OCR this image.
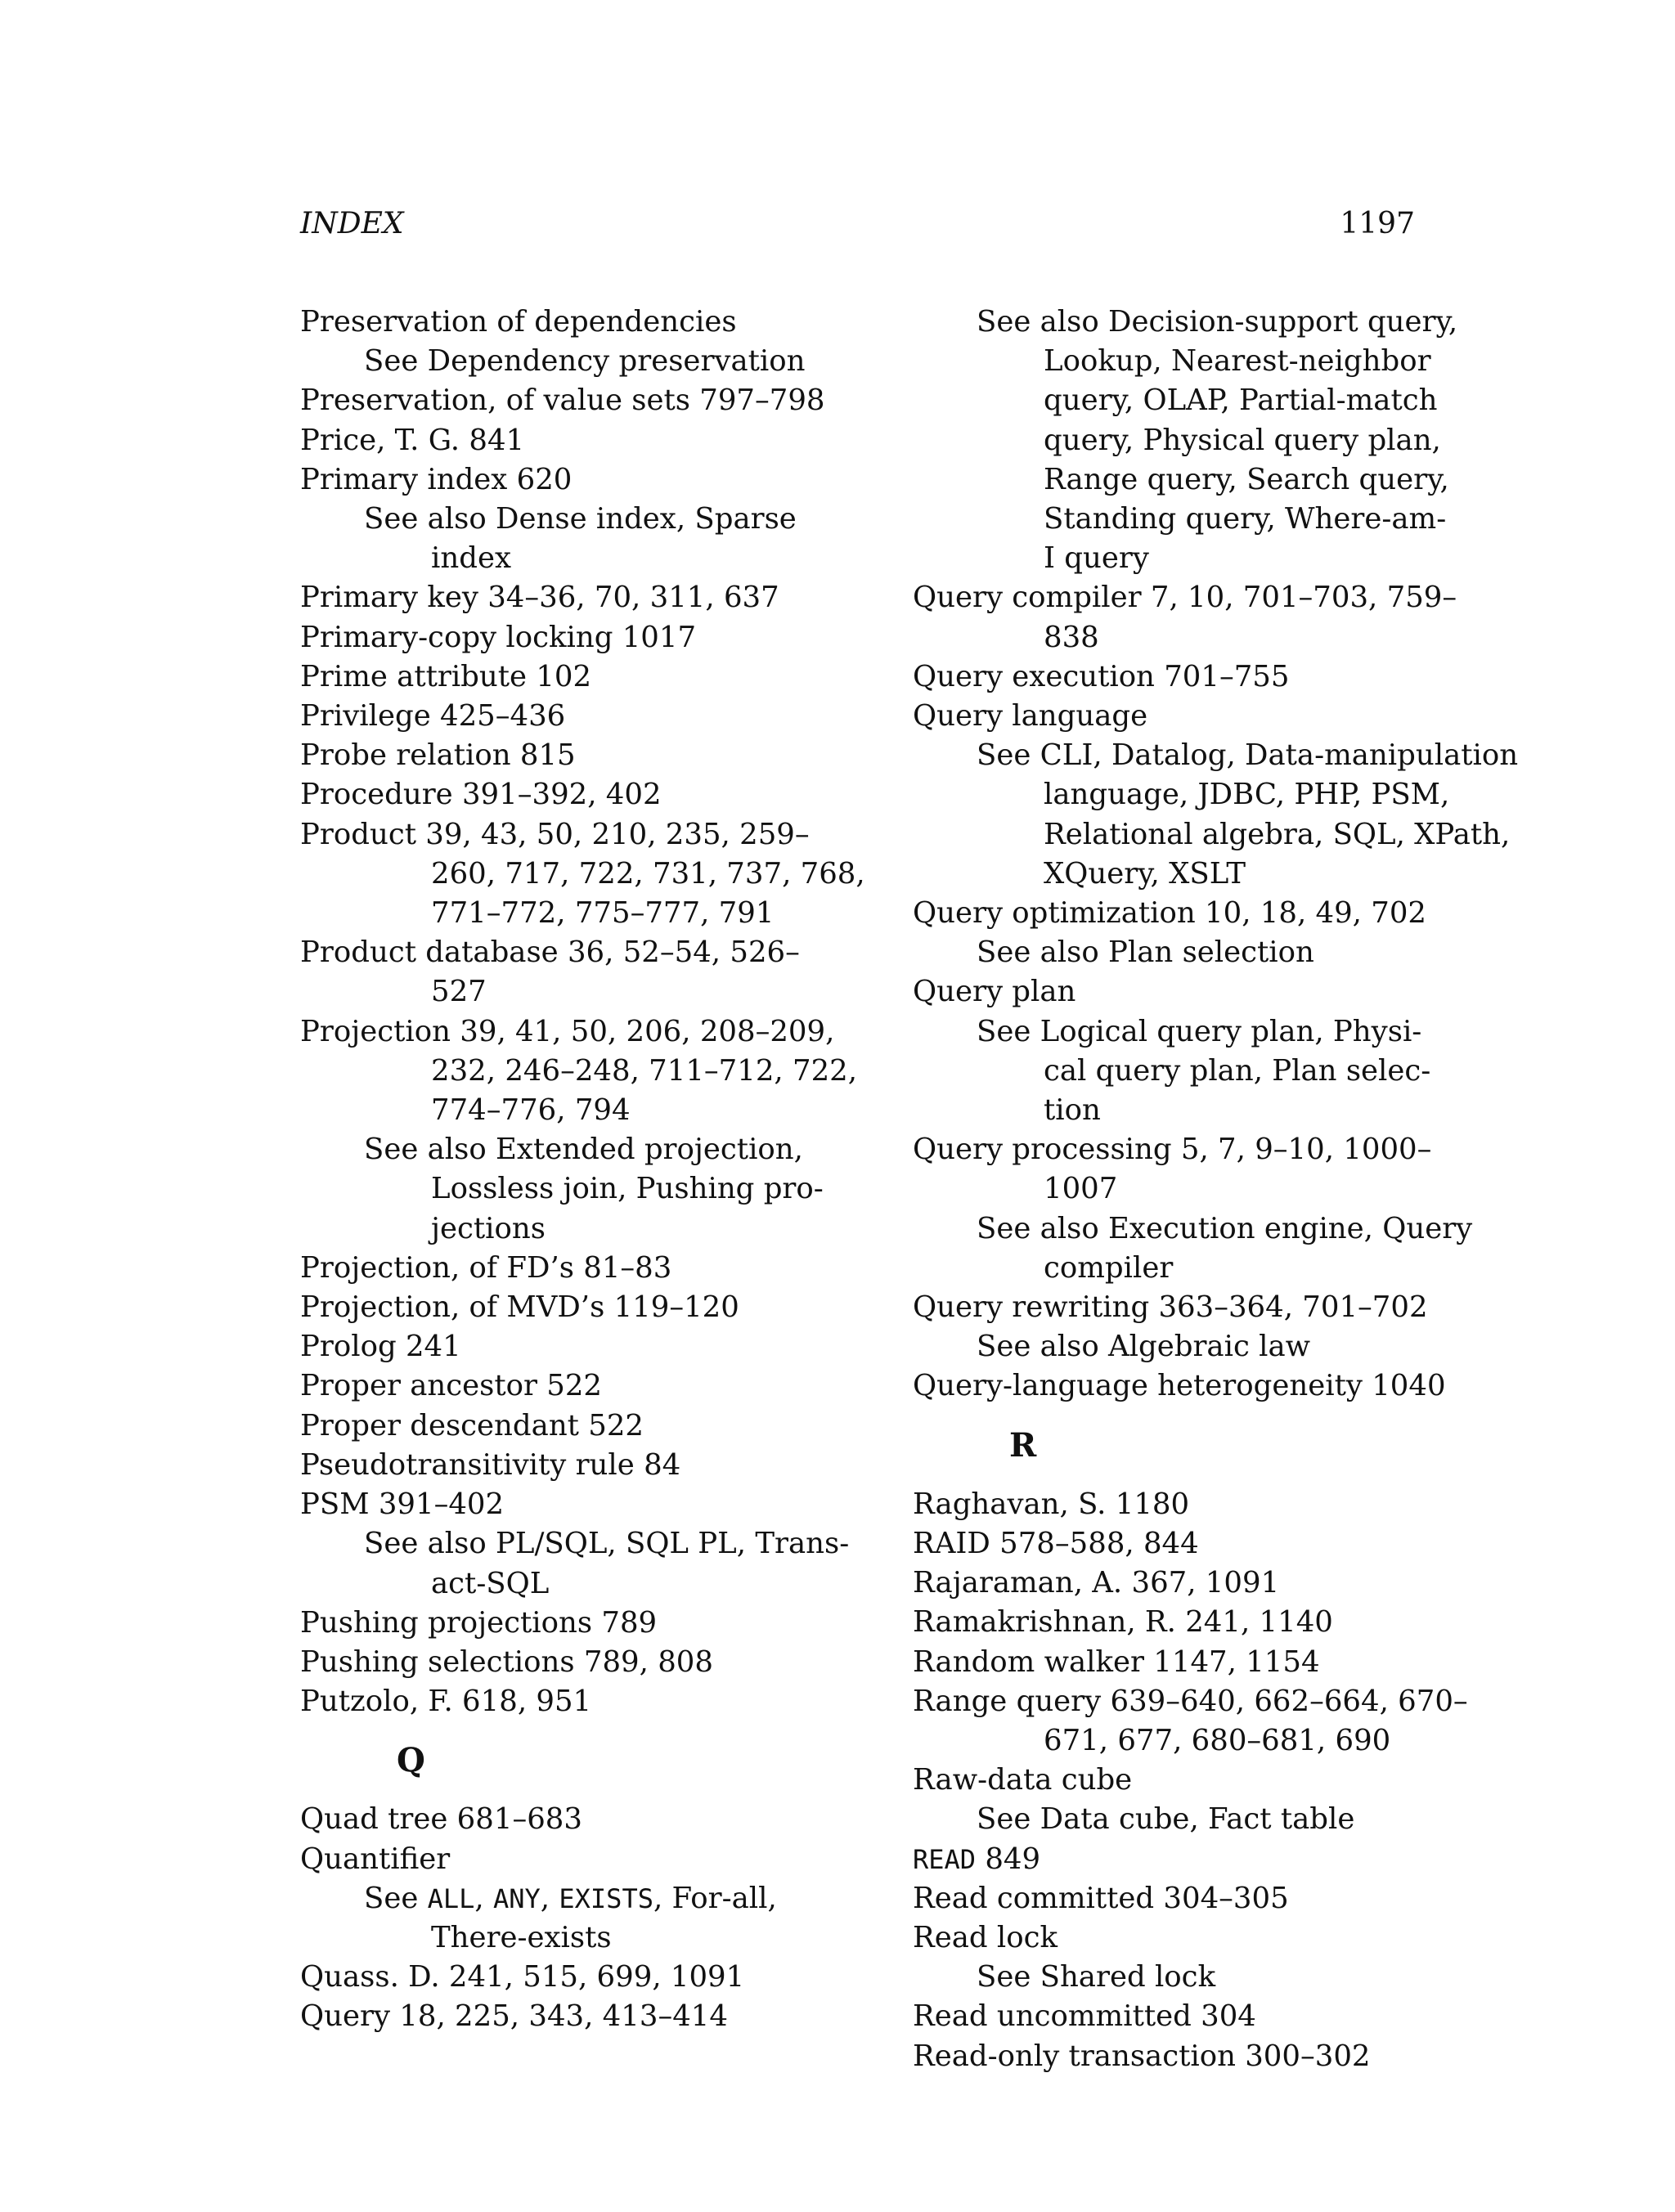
INDEX	1197
Preservation of dependencies
See Dependency preservation
Preservation, of value sets 797–798
Price, T. G. 841
Primary index 620
See also Dense index, Sparse
index
Primary key 34–36, 70, 311, 637
Primary-copy locking 1017
Prime attribute 102
Privilege 425–436
Probe relation 815
Procedure 391–392, 402
Product 39, 43, 50, 210, 235, 259–
260, 717, 722, 731, 737, 768,
771–772, 775–777, 791
Product database 36, 52–54, 526–
527
Projection 39, 41, 50, 206, 208–209,
232, 246–248, 711–712, 722,
774–776, 794
See also Extended projection,
Lossless join, Pushing pro-
jections
Projection, of FD’s 81–83
Projection, of MVD’s 119–120
Prolog 241
Proper ancestor 522
Proper descendant 522
Pseudotransitivity rule 84
PSM 391–402
See also PL/SQL, SQL PL, Trans-
act-SQL
Pushing projections 789
Pushing selections 789, 808
Putzolo, F. 618, 951
Q
Quad tree 681–683
Quantifier
See ALL, ANY, EXISTS, For-all,
There-exists
Quass. D. 241, 515, 699, 1091
Query 18, 225, 343, 413–414
See also Decision-support query,
Lookup, Nearest-neighbor
query, OLAP, Partial-match
query, Physical query plan,
Range query, Search query,
Standing query, Where-am-
I query
Query compiler 7, 10, 701–703, 759–
838
Query execution 701–755
Query language
See CLI, Datalog, Data-manipulation
language, JDBC, PHP, PSM,
Relational algebra, SQL, XPath,
XQuery, XSLT
Query optimization 10, 18, 49, 702
See also Plan selection
Query plan
See Logical query plan, Physi-
cal query plan, Plan selec-
tion
Query processing 5, 7, 9–10, 1000–
1007
See also Execution engine, Query
compiler
Query rewriting 363–364, 701–702
See also Algebraic law
Query-language heterogeneity 1040
R
Raghavan, S. 1180
RAID 578–588, 844
Rajaraman, A. 367, 1091
Ramakrishnan, R. 241, 1140
Random walker 1147, 1154
Range query 639–640, 662–664, 670–
671, 677, 680–681, 690
Raw-data cube
See Data cube, Fact table
READ 849
Read committed 304–305
Read lock
See Shared lock
Read uncommitted 304
Read-only transaction 300–302
